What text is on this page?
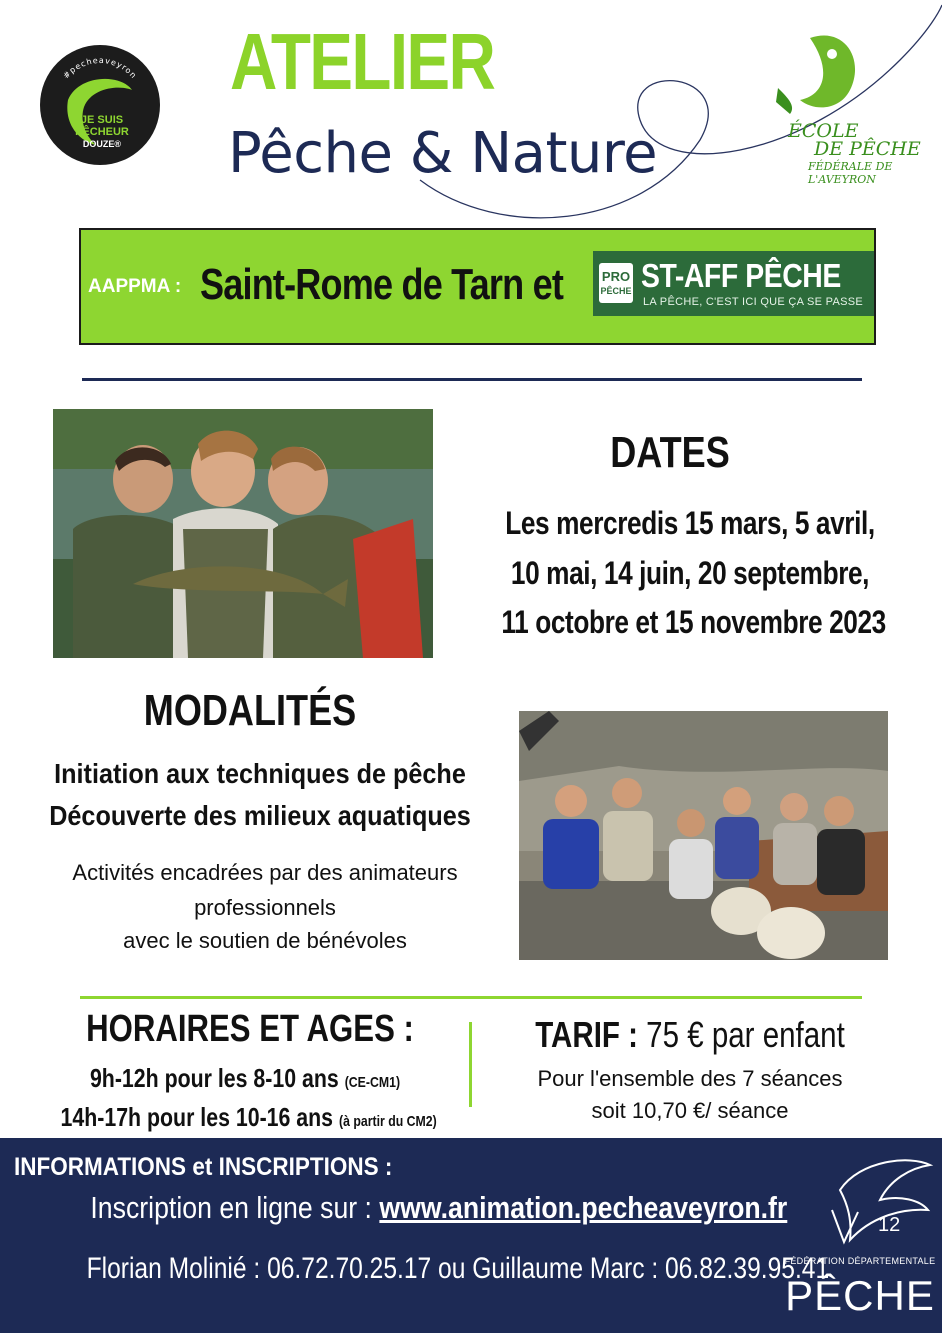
#pecheaveyron
JE SUIS
PÊCHEUR
DOUZE®
ATELIER
Pêche & Nature	ÉCOLE
DE PÊCHE
FÉDÉRALE DE L'AVEYRON
AAPPMA : Saint-Rome de Tarn et	PRO
PÊCHE ST-AFF PÊCHE
LA PÊCHE, C'EST ICI QUE ÇA SE PASSE
DATES
Les mercredis 15 mars, 5 avril,
10 mai, 14 juin, 20 septembre,
11 octobre et 15 novembre 2023
MODALITÉS
Initiation aux techniques de pêche
Découverte des milieux aquatiques
Activités encadrées par des animateurs
professionnels
avec le soutien de bénévoles
HORAIRES ET AGES :
9h-12h pour les 8-10 ans (CE-CM1)
14h-17h pour les 10-16 ans (à partir du CM2)
TARIF : 75 € par enfant
Pour l'ensemble des 7 séances
soit 10,70 €/ séance
INFORMATIONS et INSCRIPTIONS :
Inscription en ligne sur : www.animation.pecheaveyron.fr
Florian Molinié : 06.72.70.25.17 ou Guillaume Marc : 06.82.39.95.41
12
FÉDÉRATION DÉPARTEMENTALE
PÊCHE
